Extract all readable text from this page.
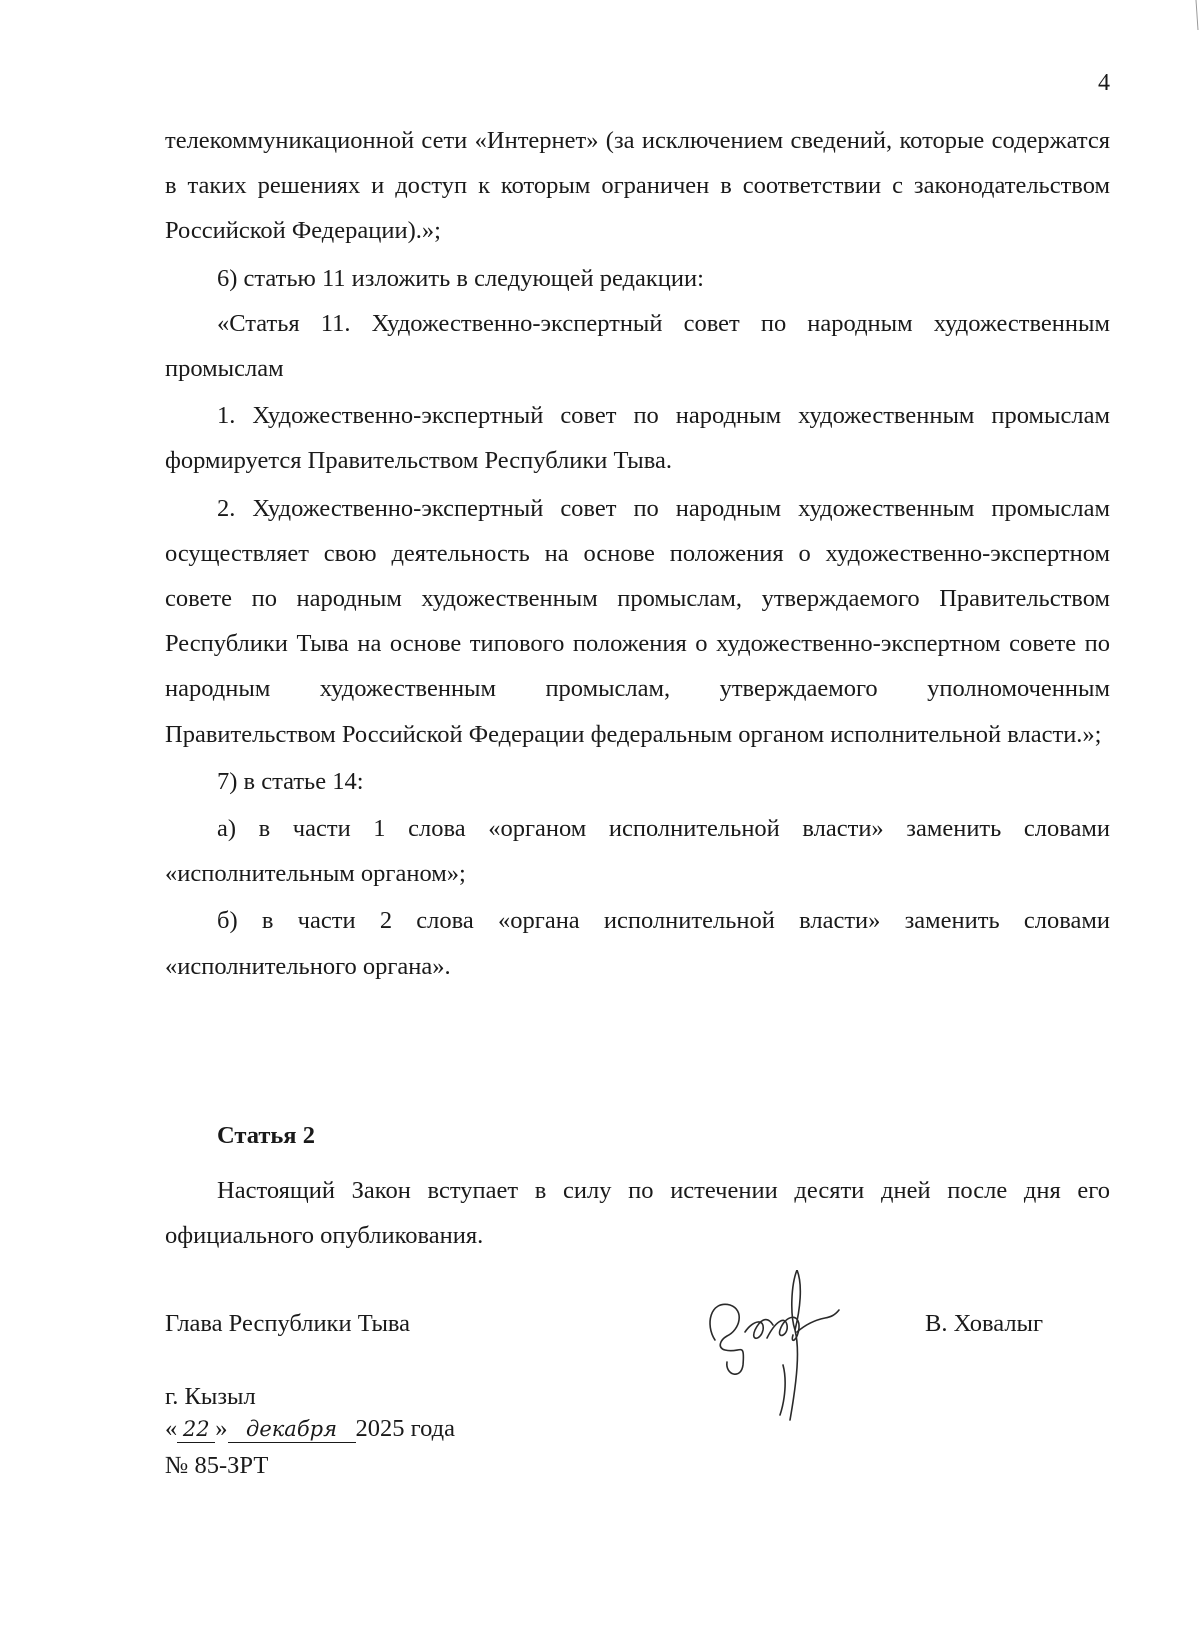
4

телекоммуникационной сети «Интернет» (за исключением сведений, которые содержатся в таких решениях и доступ к которым ограничен в соответствии с законодательством Российской Федерации).»;

6) статью 11 изложить в следующей редакции:

«Статья 11. Художественно-экспертный совет по народным художественным промыслам

1. Художественно-экспертный совет по народным художественным промыслам формируется Правительством Республики Тыва.

2. Художественно-экспертный совет по народным художественным промыслам осуществляет свою деятельность на основе положения о художественно-экспертном совете по народным художественным промыслам, утверждаемого Правительством Республики Тыва на основе типового положения о художественно-экспертном совете по народным художественным промыслам, утверждаемого уполномоченным Правительством Российской Федерации федеральным органом исполнительной власти.»;

7) в статье 14:

а) в части 1 слова «органом исполнительной власти» заменить словами «исполнительным органом»;

б) в части 2 слова «органа исполнительной власти» заменить словами «исполнительного органа».

Статья 2

Настоящий Закон вступает в силу по истечении десяти дней после дня его официального опубликования.

Глава Республики Тыва	В. Ховалыг
г. Кызыл
« 22 » декабря 2025 года
№ 85-ЗРТ
